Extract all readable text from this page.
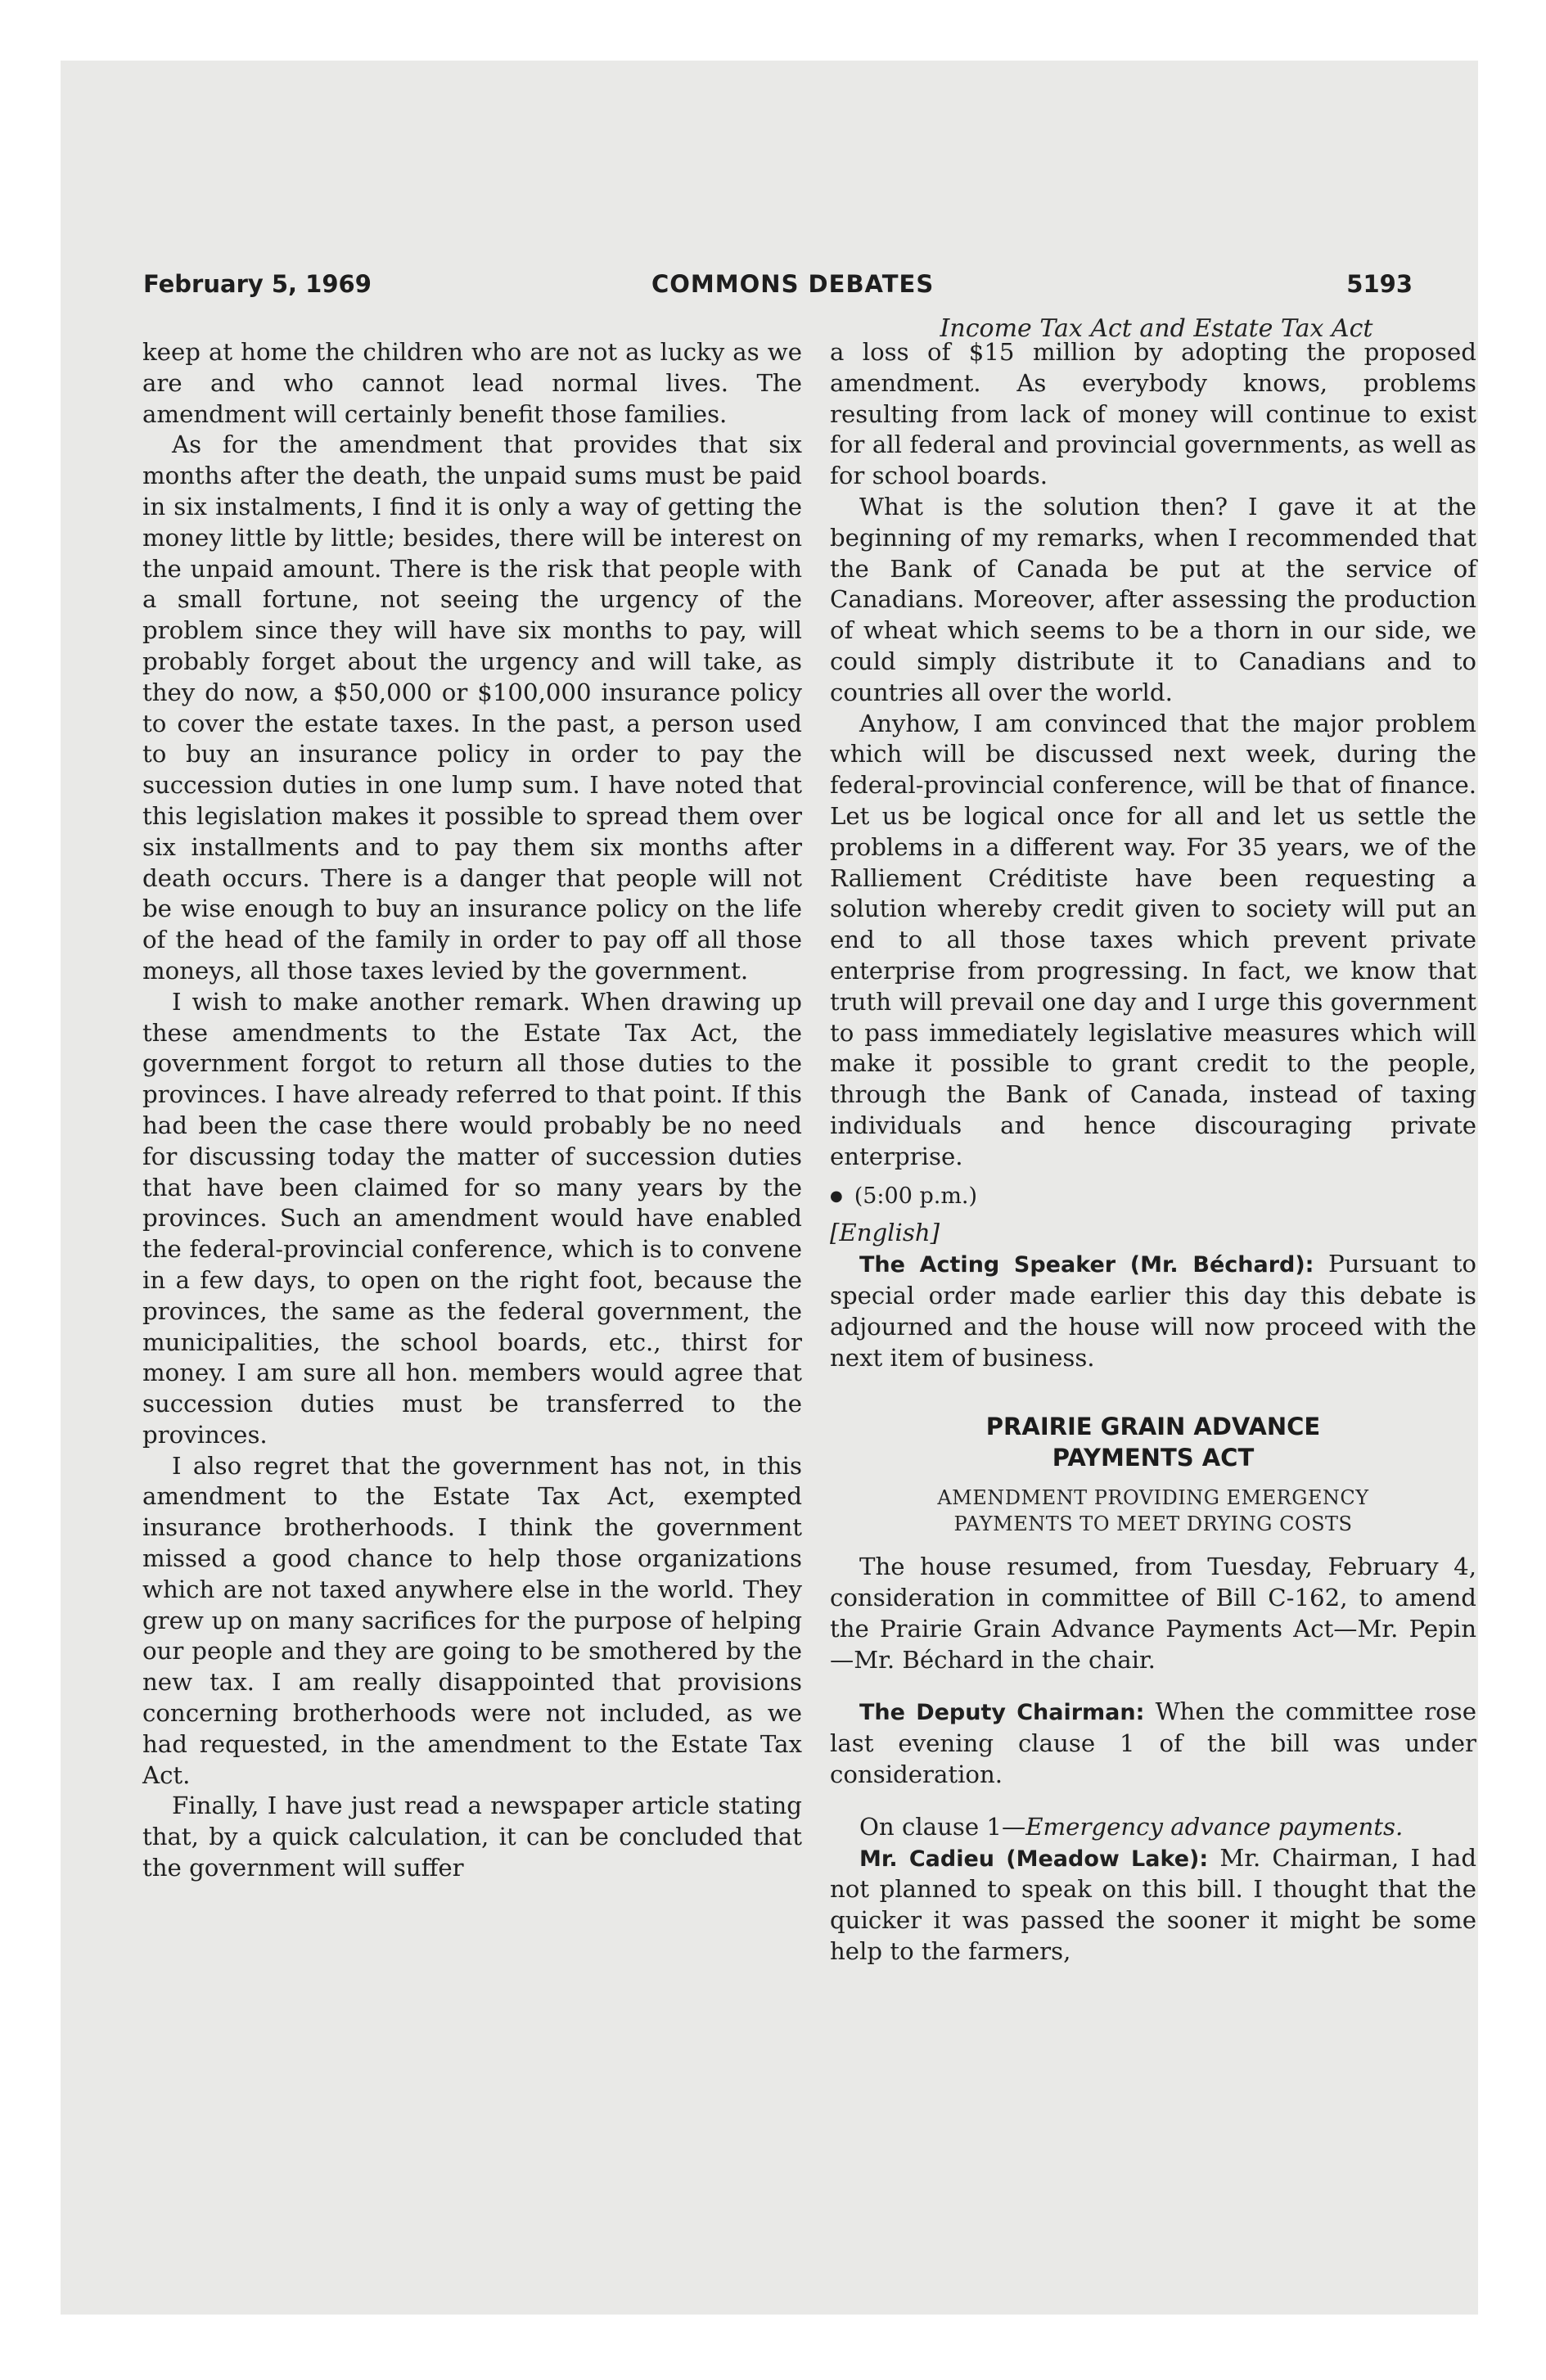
February 5, 1969	COMMONS DEBATES	5193
Income Tax Act and Estate Tax Act

keep at home the children who are not as lucky as we are and who cannot lead normal lives. The amendment will certainly benefit those families.

As for the amendment that provides that six months after the death, the unpaid sums must be paid in six instalments, I find it is only a way of getting the money little by little; besides, there will be interest on the unpaid amount. There is the risk that people with a small fortune, not seeing the urgency of the problem since they will have six months to pay, will probably forget about the urgency and will take, as they do now, a $50,000 or $100,000 insurance policy to cover the estate taxes. In the past, a person used to buy an insurance policy in order to pay the succession duties in one lump sum. I have noted that this legislation makes it possible to spread them over six installments and to pay them six months after death occurs. There is a danger that people will not be wise enough to buy an insurance policy on the life of the head of the family in order to pay off all those moneys, all those taxes levied by the government.

I wish to make another remark. When drawing up these amendments to the Estate Tax Act, the government forgot to return all those duties to the provinces. I have already referred to that point. If this had been the case there would probably be no need for discussing today the matter of succession duties that have been claimed for so many years by the provinces. Such an amendment would have enabled the federal-provincial conference, which is to convene in a few days, to open on the right foot, because the provinces, the same as the federal government, the municipalities, the school boards, etc., thirst for money. I am sure all hon. members would agree that succession duties must be transferred to the provinces.

I also regret that the government has not, in this amendment to the Estate Tax Act, exempted insurance brotherhoods. I think the government missed a good chance to help those organizations which are not taxed anywhere else in the world. They grew up on many sacrifices for the purpose of helping our people and they are going to be smothered by the new tax. I am really disappointed that provisions concerning brotherhoods were not included, as we had requested, in the amendment to the Estate Tax Act.

Finally, I have just read a newspaper article stating that, by a quick calculation, it can be concluded that the government will suffer

a loss of $15 million by adopting the proposed amendment. As everybody knows, problems resulting from lack of money will continue to exist for all federal and provincial governments, as well as for school boards.

What is the solution then? I gave it at the beginning of my remarks, when I recommended that the Bank of Canada be put at the service of Canadians. Moreover, after assessing the production of wheat which seems to be a thorn in our side, we could simply distribute it to Canadians and to countries all over the world.

Anyhow, I am convinced that the major problem which will be discussed next week, during the federal-provincial conference, will be that of finance. Let us be logical once for all and let us settle the problems in a different way. For 35 years, we of the Ralliement Créditiste have been requesting a solution whereby credit given to society will put an end to all those taxes which prevent private enterprise from progressing. In fact, we know that truth will prevail one day and I urge this government to pass immediately legislative measures which will make it possible to grant credit to the people, through the Bank of Canada, instead of taxing individuals and hence discouraging private enterprise.

● (5:00 p.m.)
[English]

The Acting Speaker (Mr. Béchard): Pursuant to special order made earlier this day this debate is adjourned and the house will now proceed with the next item of business.

PRAIRIE GRAIN ADVANCE
PAYMENTS ACT
AMENDMENT PROVIDING EMERGENCY
PAYMENTS TO MEET DRYING COSTS

The house resumed, from Tuesday, February 4, consideration in committee of Bill C-162, to amend the Prairie Grain Advance Payments Act—Mr. Pepin—Mr. Béchard in the chair.

The Deputy Chairman: When the committee rose last evening clause 1 of the bill was under consideration.

On clause 1—Emergency advance payments.

Mr. Cadieu (Meadow Lake): Mr. Chairman, I had not planned to speak on this bill. I thought that the quicker it was passed the sooner it might be some help to the farmers,
